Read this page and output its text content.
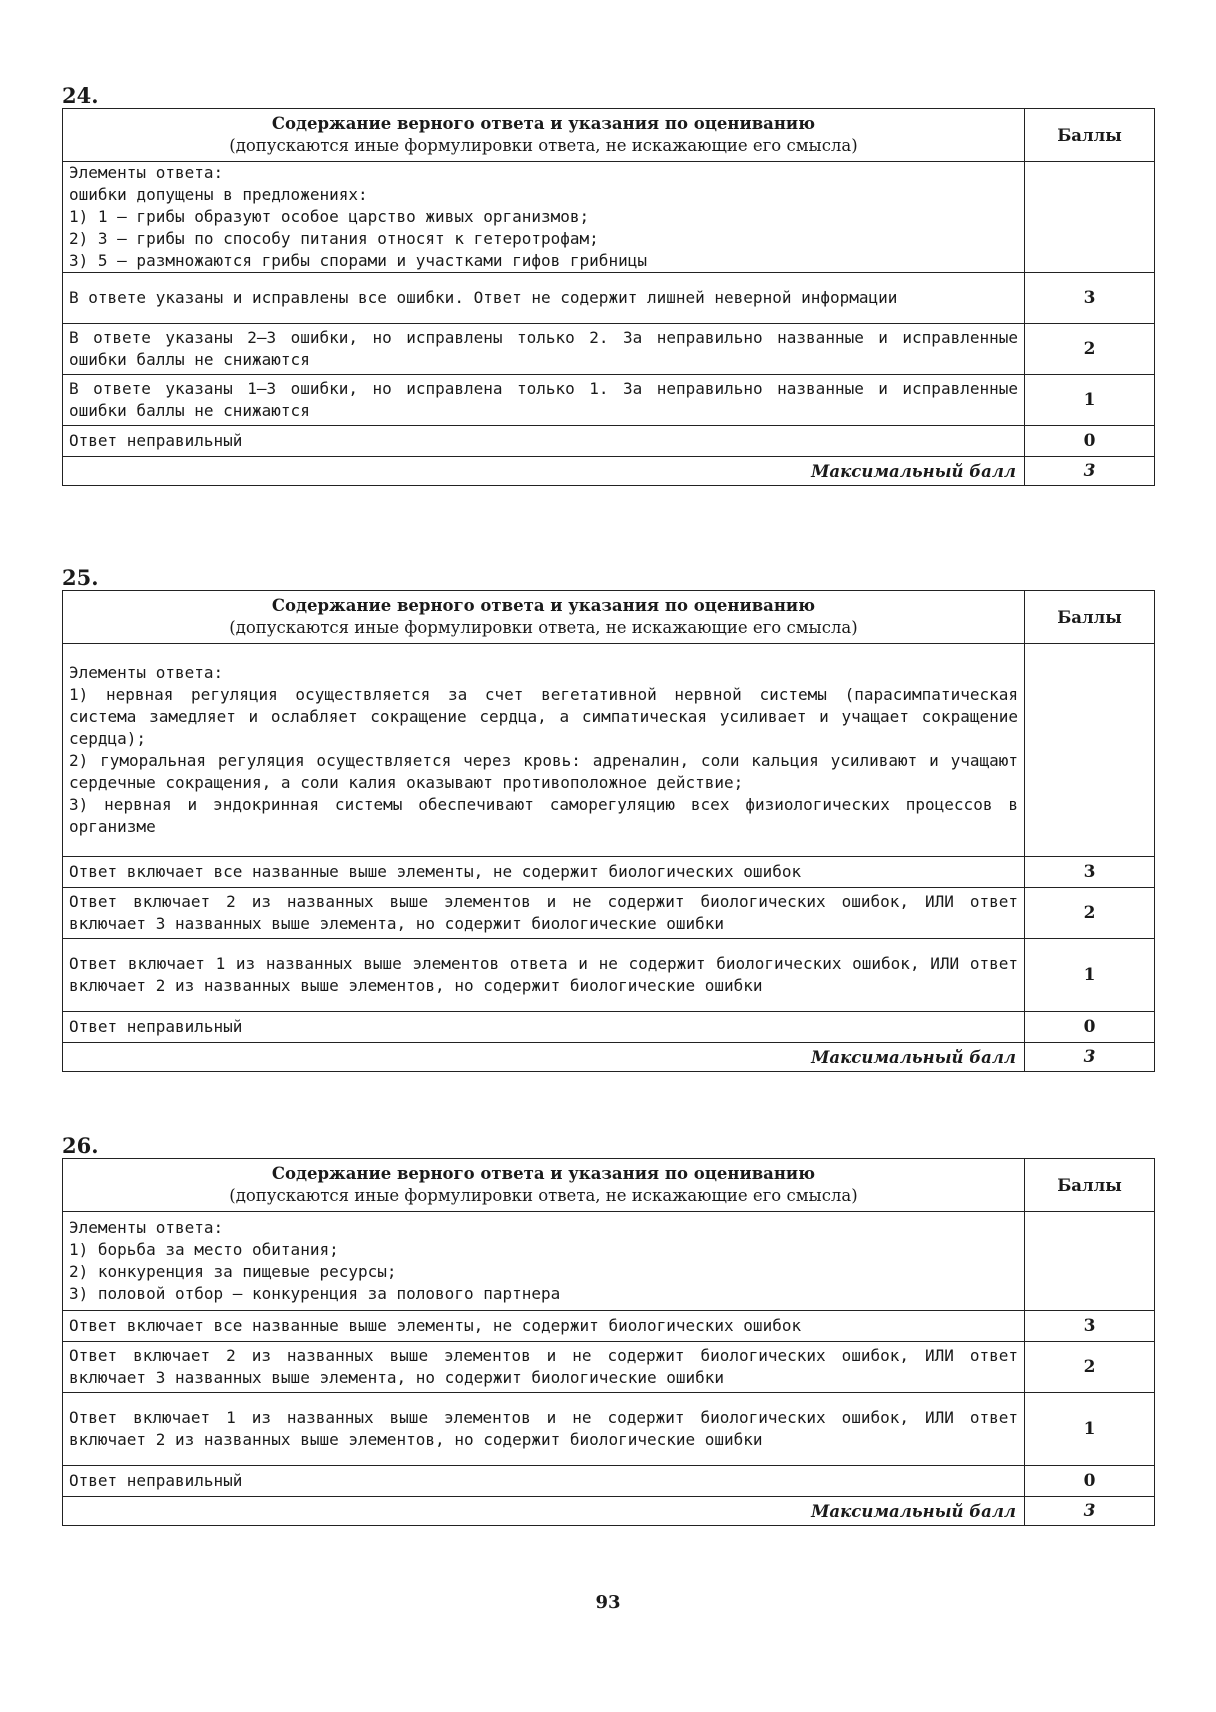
24.
Содержание верного ответа и указания по оцениванию
(допускаются иные формулировки ответа, не искажающие его смысла)	Баллы

Элементы ответа:
ошибки допущены в предложениях:
1) 1 — грибы образуют особое царство живых организмов;
2) 3 — грибы по способу питания относят к гетеротрофам;
3) 5 — размножаются грибы спорами и участками гифов грибницы	

В ответе указаны и исправлены все ошибки. Ответ не содержит лишней неверной информации	3
В ответе указаны 2–3 ошибки, но исправлены только 2. За неправильно названные и исправленные ошибки баллы не снижаются	2
В ответе указаны 1–3 ошибки, но исправлена только 1. За неправильно названные и исправленные ошибки баллы не снижаются	1
Ответ неправильный	0
Максимальный балл	3
25.
Содержание верного ответа и указания по оцениванию
(допускаются иные формулировки ответа, не искажающие его смысла)	Баллы

Элементы ответа:
1) нервная регуляция осуществляется за счет вегетативной нервной системы (парасимпатическая система замедляет и ослабляет сокращение сердца, а симпатическая усиливает и учащает сокращение сердца);
2) гуморальная регуляция осуществляется через кровь: адреналин, соли кальция усиливают и учащают сердечные сокращения, а соли калия оказывают противоположное действие;
3) нервная и эндокринная системы обеспечивают саморегуляцию всех физиологических процессов в организме	

Ответ включает все названные выше элементы, не содержит биологических ошибок	3
Ответ включает 2 из названных выше элементов и не содержит биологических ошибок, ИЛИ ответ включает 3 названных выше элемента, но содержит биологические ошибки	2
Ответ включает 1 из названных выше элементов ответа и не содержит биологических ошибок, ИЛИ ответ включает 2 из названных выше элементов, но содержит биологические ошибки	1
Ответ неправильный	0
Максимальный балл	3
26.
Содержание верного ответа и указания по оцениванию
(допускаются иные формулировки ответа, не искажающие его смысла)	Баллы

Элементы ответа:
1) борьба за место обитания;
2) конкуренция за пищевые ресурсы;
3) половой отбор — конкуренция за полового партнера	

Ответ включает все названные выше элементы, не содержит биологических ошибок	3
Ответ включает 2 из названных выше элементов и не содержит биологических ошибок, ИЛИ ответ включает 3 названных выше элемента, но содержит биологические ошибки	2
Ответ включает 1 из названных выше элементов и не содержит биологических ошибок, ИЛИ ответ включает 2 из названных выше элементов, но содержит биологические ошибки	1
Ответ неправильный	0
Максимальный балл	3
93
